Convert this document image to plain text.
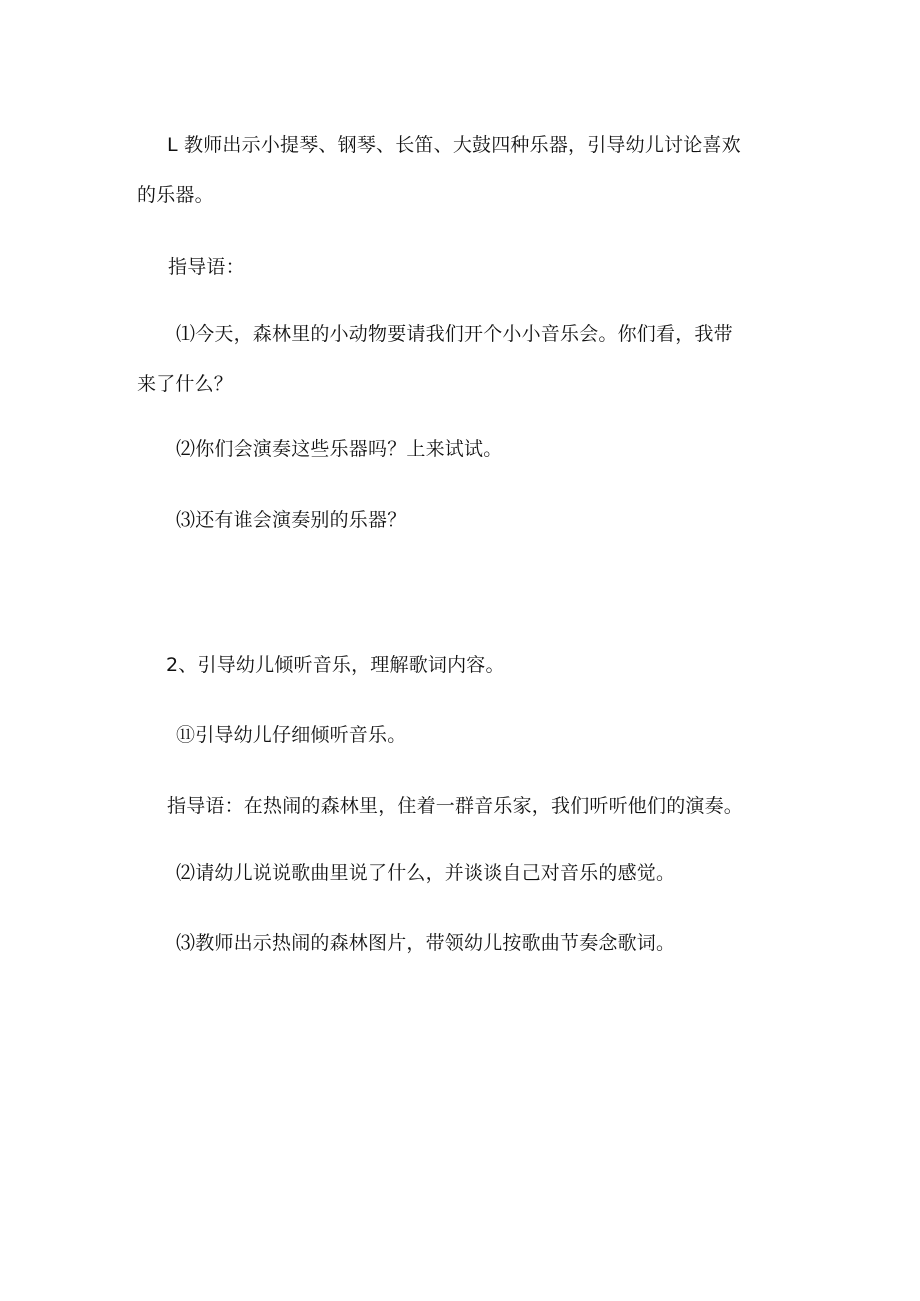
L 教师出示小提琴、钢琴、长笛、大鼓四种乐器，引导幼儿讨论喜欢
的乐器。
指导语：
⑴今天，森林里的小动物要请我们开个小小音乐会。你们看，我带
来了什么？
⑵你们会演奏这些乐器吗？上来试试。
⑶还有谁会演奏别的乐器？
2、引导幼儿倾听音乐，理解歌词内容。
⑪引导幼儿仔细倾听音乐。
指导语：在热闹的森林里，住着一群音乐家，我们听听他们的演奏。
⑵请幼儿说说歌曲里说了什么，并谈谈自己对音乐的感觉。
⑶教师出示热闹的森林图片，带领幼儿按歌曲节奏念歌词。
